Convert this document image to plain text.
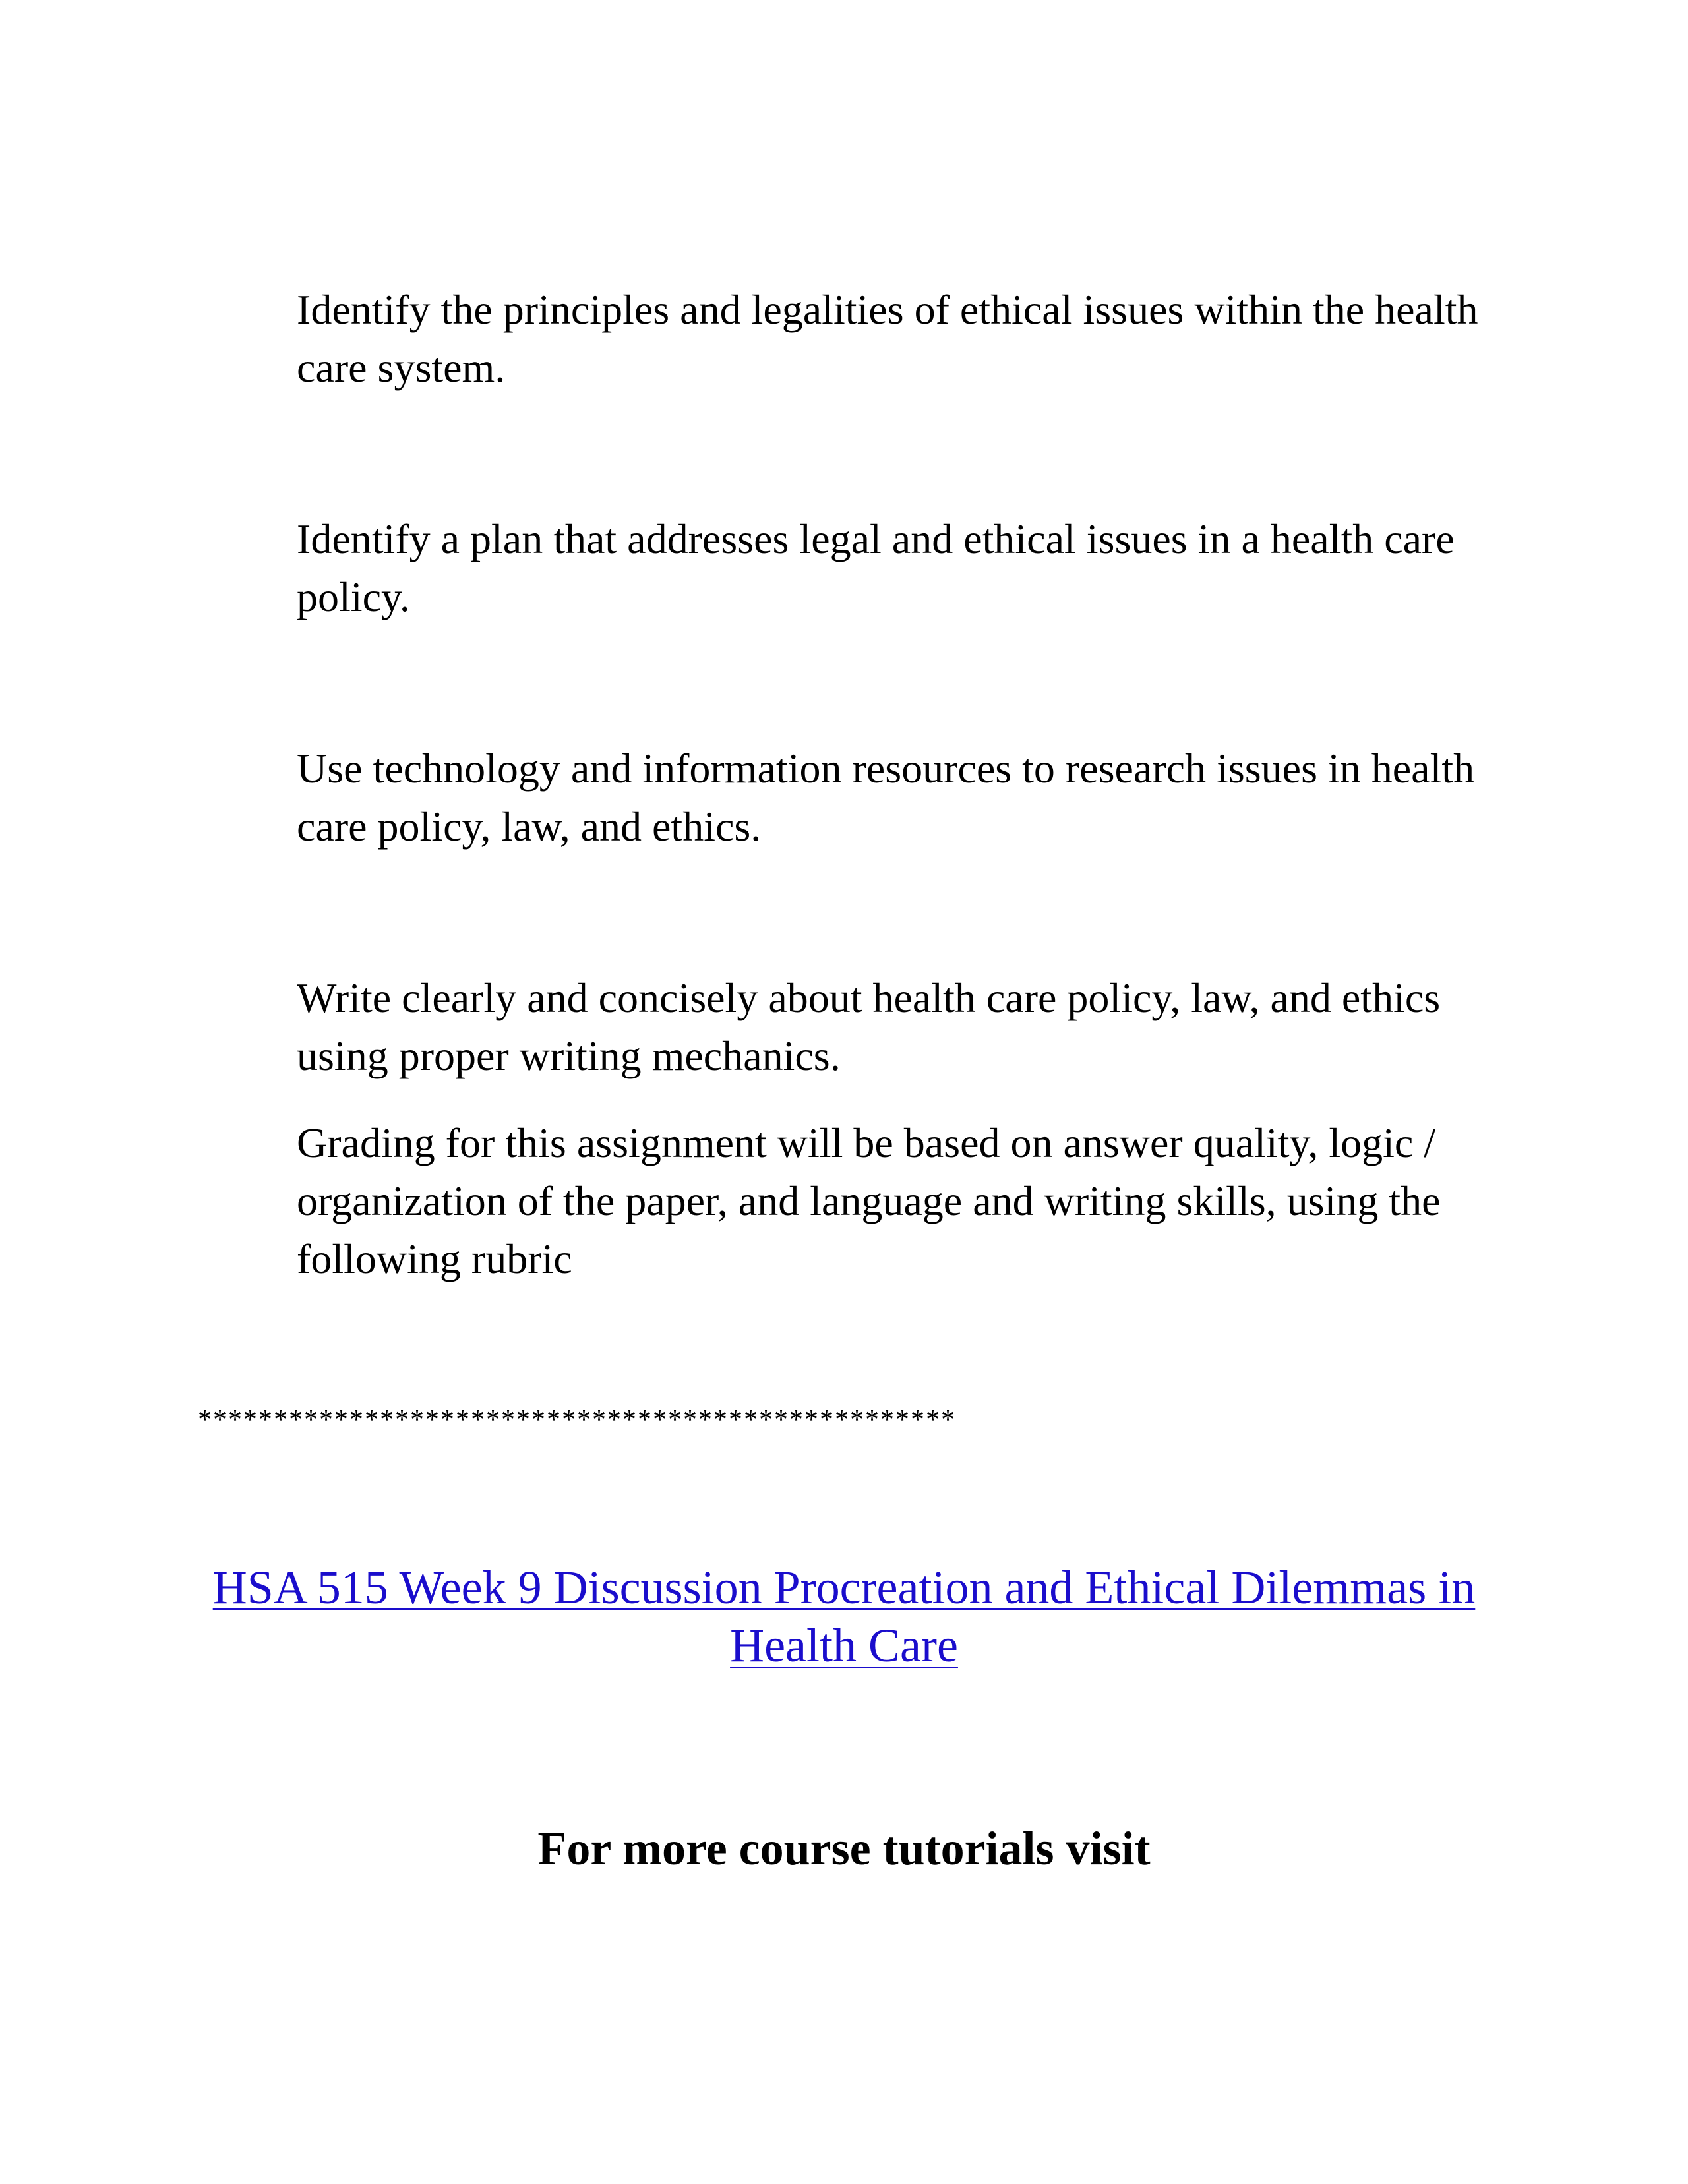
Identify the principles and legalities of ethical issues within the health care system.

Identify a plan that addresses legal and ethical issues in a health care policy.

Use technology and information resources to research issues in health care policy, law, and ethics.

Write clearly and concisely about health care policy, law, and ethics using proper writing mechanics.

Grading for this assignment will be based on answer quality, logic / organization of the paper, and language and writing skills, using the following rubric

**************************************************

HSA 515 Week 9 Discussion Procreation and Ethical Dilemmas in Health Care

For more course tutorials visit
